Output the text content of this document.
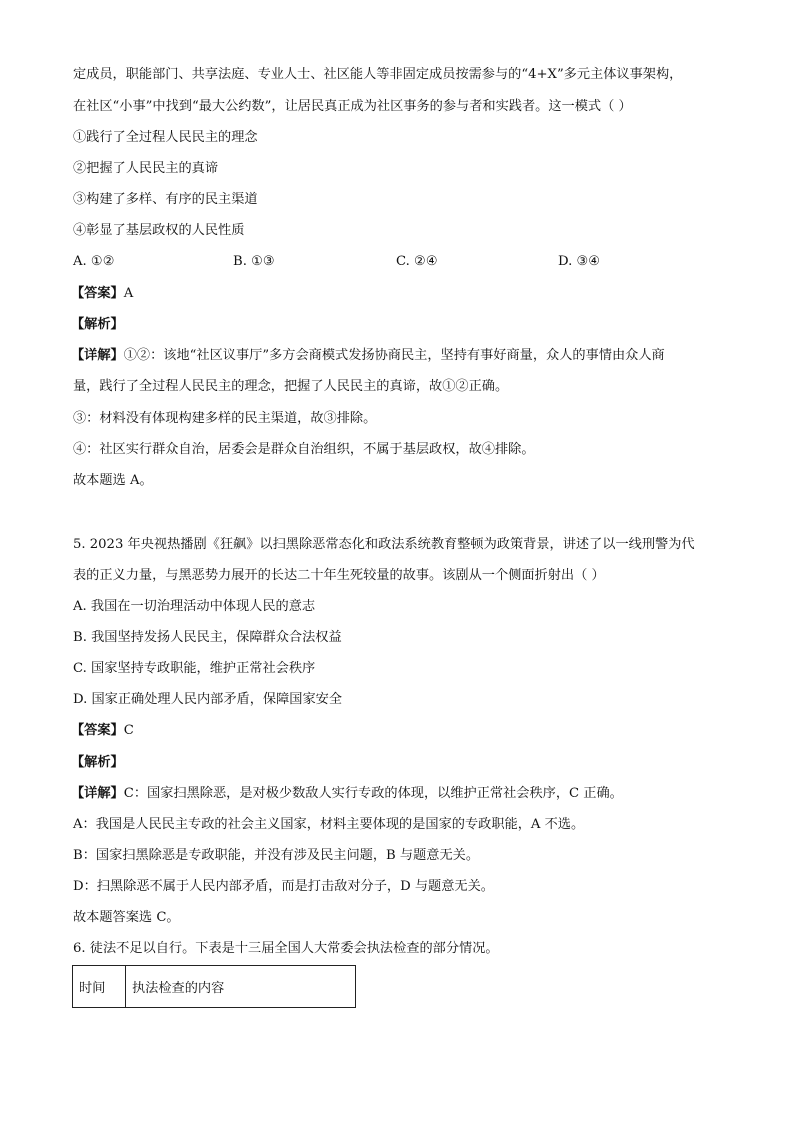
定成员，职能部门、共享法庭、专业人士、社区能人等非固定成员按需参与的“4+X”多元主体议事架构，
在社区“小事”中找到“最大公约数”，让居民真正成为社区事务的参与者和实践者。这一模式（ ）
①践行了全过程人民民主的理念
②把握了人民民主的真谛
③构建了多样、有序的民主渠道
④彰显了基层政权的人民性质
A. ①②	B. ①③	C. ②④	D. ③④
【答案】A
【解析】
【详解】①②：该地“社区议事厅”多方会商模式发扬协商民主，坚持有事好商量，众人的事情由众人商
量，践行了全过程人民民主的理念，把握了人民民主的真谛，故①②正确。
③：材料没有体现构建多样的民主渠道，故③排除。
④：社区实行群众自治，居委会是群众自治组织，不属于基层政权，故④排除。
故本题选 A。
5. 2023 年央视热播剧《狂飙》以扫黑除恶常态化和政法系统教育整顿为政策背景，讲述了以一线刑警为代
表的正义力量，与黑恶势力展开的长达二十年生死较量的故事。该剧从一个侧面折射出（ ）
A. 我国在一切治理活动中体现人民的意志
B. 我国坚持发扬人民民主，保障群众合法权益
C. 国家坚持专政职能，维护正常社会秩序
D. 国家正确处理人民内部矛盾，保障国家安全
【答案】C
【解析】
【详解】C：国家扫黑除恶，是对极少数敌人实行专政的体现，以维护正常社会秩序，C 正确。
A：我国是人民民主专政的社会主义国家，材料主要体现的是国家的专政职能，A 不选。
B：国家扫黑除恶是专政职能，并没有涉及民主问题，B 与题意无关。
D：扫黑除恶不属于人民内部矛盾，而是打击敌对分子，D 与题意无关。
故本题答案选 C。
6. 徒法不足以自行。下表是十三届全国人大常委会执法检查的部分情况。
时间	执法检查的内容
